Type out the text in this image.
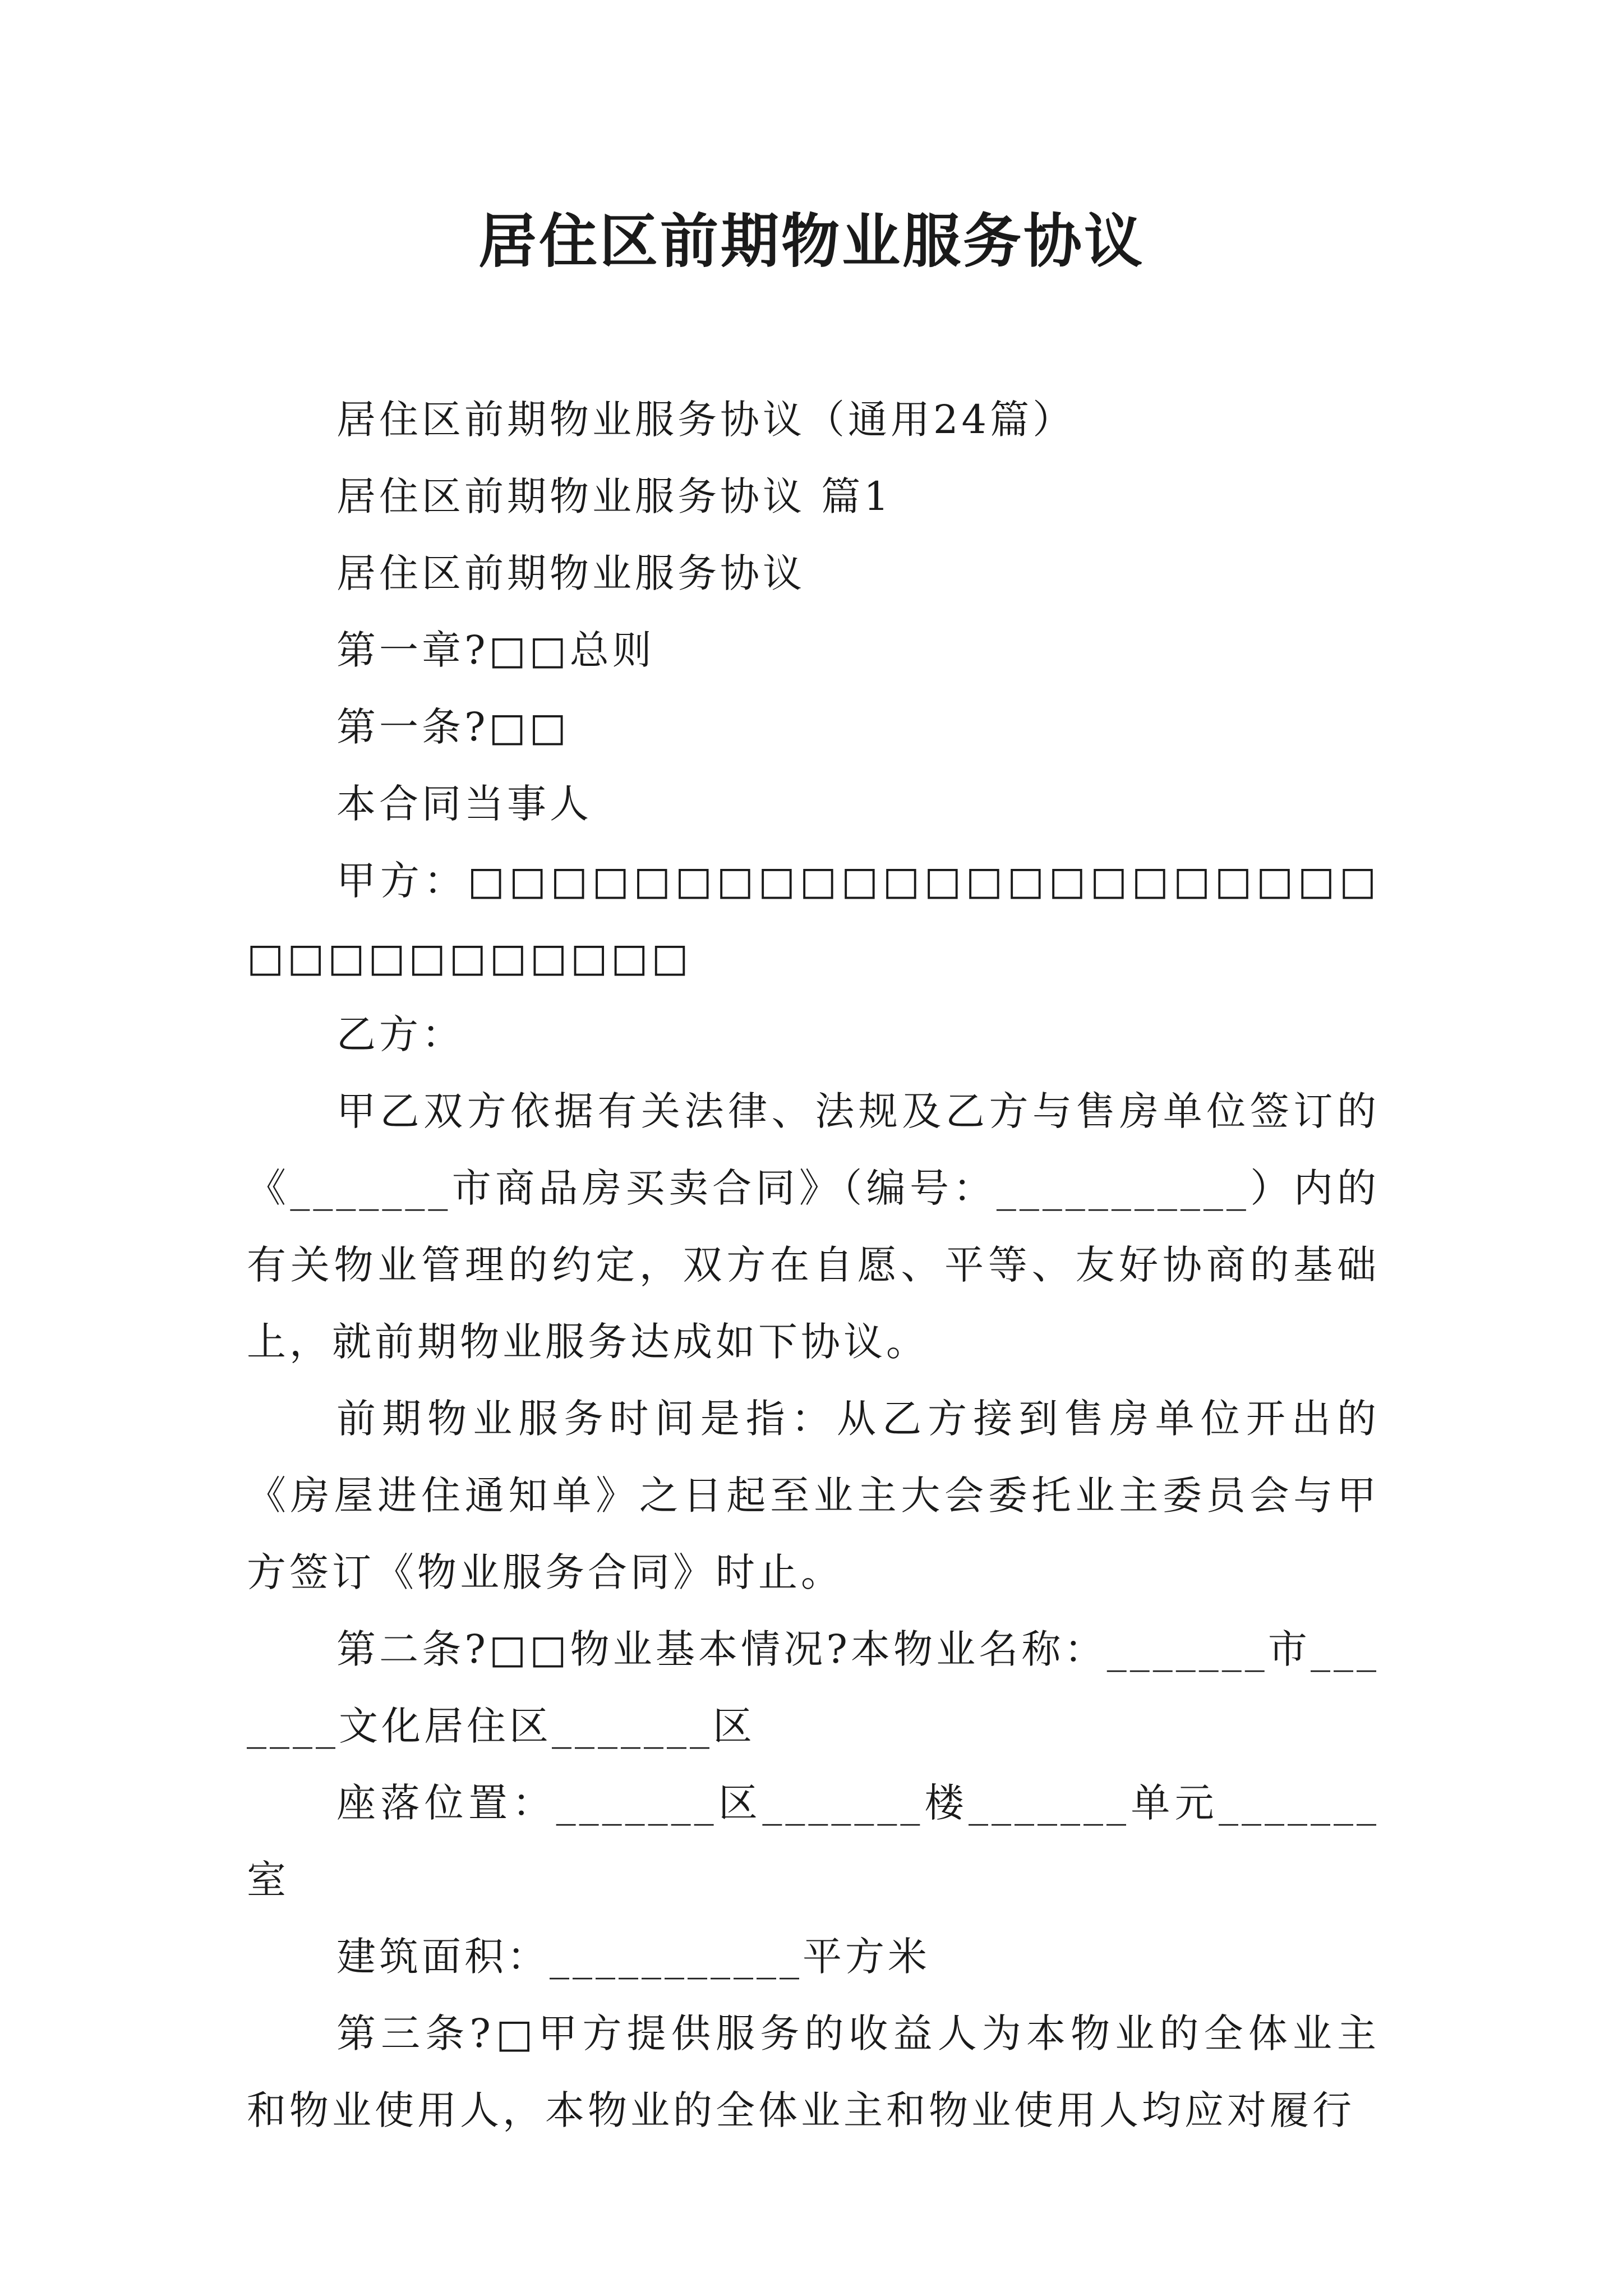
居住区前期物业服务协议

居住区前期物业服务协议（通用24篇）

居住区前期物业服务协议 篇1

居住区前期物业服务协议

第一章?□□总则

第一条?□□

本合同当事人

甲方：□□□□□□□□□□□□□□□□□□□□□□□□□□□□□□□□□

乙方：

甲乙双方依据有关法律、法规及乙方与售房单位签订的《_______市商品房买卖合同》（编号：___________）内的有关物业管理的约定，双方在自愿、平等、友好协商的基础上，就前期物业服务达成如下协议。

前期物业服务时间是指：从乙方接到售房单位开出的《房屋进住通知单》之日起至业主大会委托业主委员会与甲方签订《物业服务合同》时止。

第二条?□□物业基本情况?本物业名称：_______市_______文化居住区_______区

座落位置：_______区_______楼_______单元_______室

建筑面积：___________平方米

第三条?□甲方提供服务的收益人为本物业的全体业主和物业使用人，本物业的全体业主和物业使用人均应对履行
